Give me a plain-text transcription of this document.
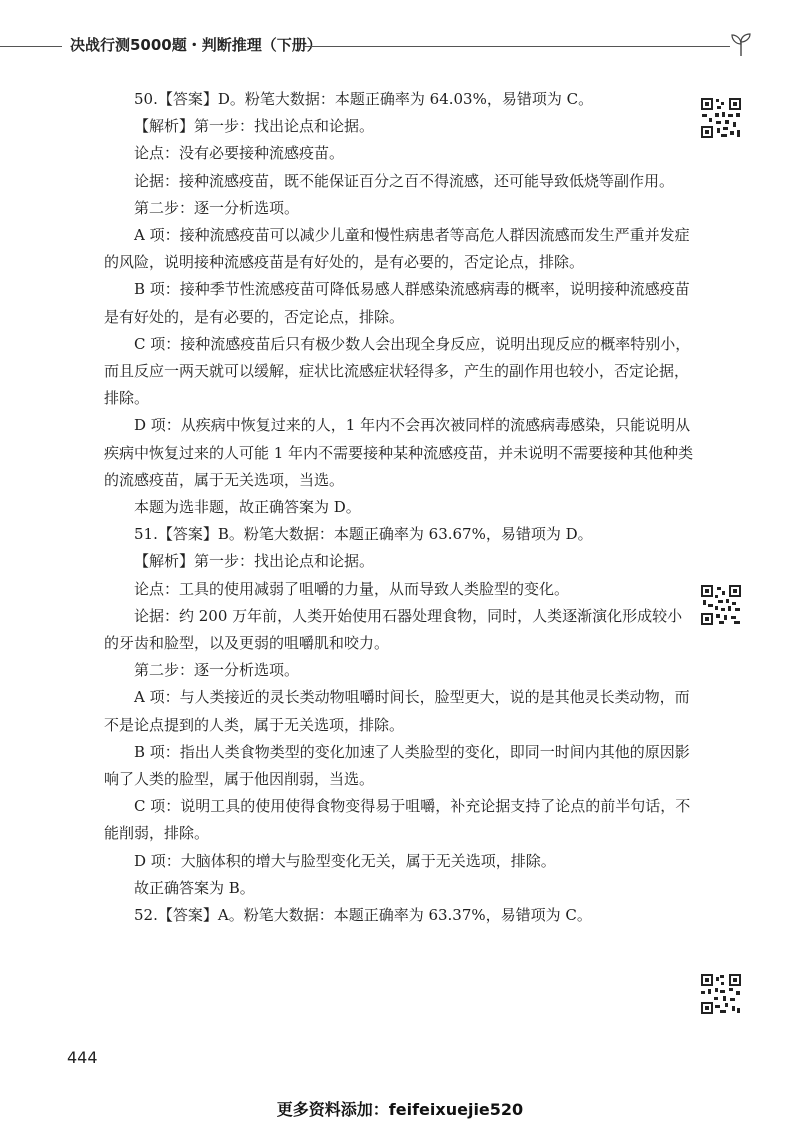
决战行测5000题・判断推理（下册）

50.【答案】D。粉笔大数据：本题正确率为 64.03%，易错项为 C。

【解析】第一步：找出论点和论据。

论点：没有必要接种流感疫苗。

论据：接种流感疫苗，既不能保证百分之百不得流感，还可能导致低烧等副作用。

第二步：逐一分析选项。

A 项：接种流感疫苗可以减少儿童和慢性病患者等高危人群因流感而发生严重并发症的风险，说明接种流感疫苗是有好处的，是有必要的，否定论点，排除。

B 项：接种季节性流感疫苗可降低易感人群感染流感病毒的概率，说明接种流感疫苗是有好处的，是有必要的，否定论点，排除。

C 项：接种流感疫苗后只有极少数人会出现全身反应，说明出现反应的概率特别小，而且反应一两天就可以缓解，症状比流感症状轻得多，产生的副作用也较小，否定论据，排除。

D 项：从疾病中恢复过来的人，1 年内不会再次被同样的流感病毒感染，只能说明从疾病中恢复过来的人可能 1 年内不需要接种某种流感疫苗，并未说明不需要接种其他种类的流感疫苗，属于无关选项，当选。

本题为选非题，故正确答案为 D。

51.【答案】B。粉笔大数据：本题正确率为 63.67%，易错项为 D。

【解析】第一步：找出论点和论据。

论点：工具的使用减弱了咀嚼的力量，从而导致人类脸型的变化。

论据：约 200 万年前，人类开始使用石器处理食物，同时，人类逐渐演化形成较小的牙齿和脸型，以及更弱的咀嚼肌和咬力。

第二步：逐一分析选项。

A 项：与人类接近的灵长类动物咀嚼时间长，脸型更大，说的是其他灵长类动物，而不是论点提到的人类，属于无关选项，排除。

B 项：指出人类食物类型的变化加速了人类脸型的变化，即同一时间内其他的原因影响了人类的脸型，属于他因削弱，当选。

C 项：说明工具的使用使得食物变得易于咀嚼，补充论据支持了论点的前半句话，不能削弱，排除。

D 项：大脑体积的增大与脸型变化无关，属于无关选项，排除。

故正确答案为 B。

52.【答案】A。粉笔大数据：本题正确率为 63.37%，易错项为 C。

444
更多资料添加：feifeixuejie520
